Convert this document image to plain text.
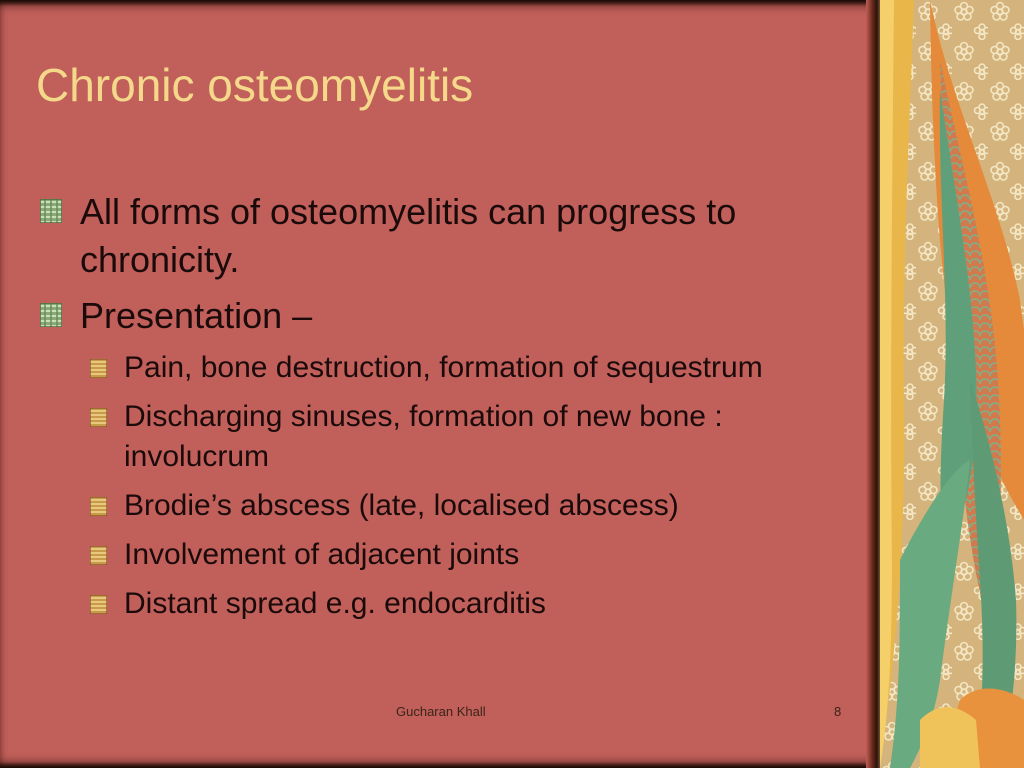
Chronic osteomyelitis
All forms of osteomyelitis can progress to chronicity.
Presentation –
Pain, bone destruction, formation of sequestrum
Discharging sinuses, formation of new bone : involucrum
Brodie’s abscess (late, localised abscess)
Involvement of adjacent joints
Distant spread e.g. endocarditis
Gucharan Khall	8
